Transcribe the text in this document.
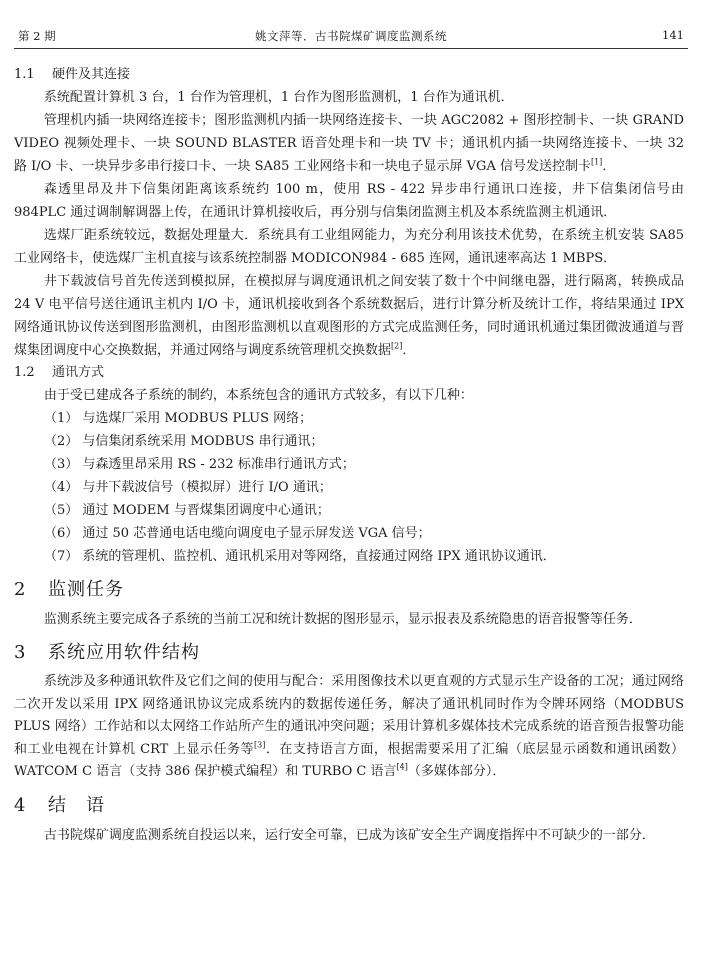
第 2 期	姚文萍等．古书院煤矿调度监测系统	141
1.1 硬件及其连接

系统配置计算机 3 台，1 台作为管理机，1 台作为图形监测机，1 台作为通讯机．

管理机内插一块网络连接卡；图形监测机内插一块网络连接卡、一块 AGC2082 + 图形控制卡、一块 GRAND VIDEO 视频处理卡、一块 SOUND BLASTER 语音处理卡和一块 TV 卡；通讯机内插一块网络连接卡、一块 32 路 I/O 卡、一块异步多串行接口卡、一块 SA85 工业网络卡和一块电子显示屏 VGA 信号发送控制卡[1]．

森透里昂及井下信集闭距离该系统约 100 m，使用 RS - 422 异步串行通讯口连接，井下信集闭信号由 984PLC 通过调制解调器上传，在通讯计算机接收后，再分别与信集闭监测主机及本系统监测主机通讯．

选煤厂距系统较远，数据处理量大．系统具有工业组网能力，为充分利用该技术优势，在系统主机安装 SA85 工业网络卡，使选煤厂主机直接与该系统控制器 MODICON984 - 685 连网，通讯速率高达 1 MBPS．

井下载波信号首先传送到模拟屏，在模拟屏与调度通讯机之间安装了数十个中间继电器，进行隔离，转换成品 24 V 电平信号送往通讯主机内 I/O 卡，通讯机接收到各个系统数据后，进行计算分析及统计工作，将结果通过 IPX 网络通讯协议传送到图形监测机，由图形监测机以直观图形的方式完成监测任务，同时通讯机通过集团微波通道与晋煤集团调度中心交换数据，并通过网络与调度系统管理机交换数据[2]．

1.2 通讯方式

由于受已建成各子系统的制约，本系统包含的通讯方式较多，有以下几种：

（1） 与选煤厂采用 MODBUS PLUS 网络；
（2） 与信集闭系统采用 MODBUS 串行通讯；
（3） 与森透里昂采用 RS - 232 标准串行通讯方式；
（4） 与井下载波信号（模拟屏）进行 I/O 通讯；
（5） 通过 MODEM 与晋煤集团调度中心通讯；
（6） 通过 50 芯普通电话电缆向调度电子显示屏发送 VGA 信号；
（7） 系统的管理机、监控机、通讯机采用对等网络，直接通过网络 IPX 通讯协议通讯．
2 监测任务

监测系统主要完成各子系统的当前工况和统计数据的图形显示，显示报表及系统隐患的语音报警等任务．

3 系统应用软件结构

系统涉及多种通讯软件及它们之间的使用与配合：采用图像技术以更直观的方式显示生产设备的工况；通过网络二次开发以采用 IPX 网络通讯协议完成系统内的数据传递任务，解决了通讯机同时作为令牌环网络（MODBUS PLUS 网络）工作站和以太网络工作站所产生的通讯冲突问题；采用计算机多媒体技术完成系统的语音预告报警功能和工业电视在计算机 CRT 上显示任务等[3]．在支持语言方面，根据需要采用了汇编（底层显示函数和通讯函数）WATCOM C 语言（支持 386 保护模式编程）和 TURBO C 语言[4]（多媒体部分）．

4 结　语

古书院煤矿调度监测系统自投运以来，运行安全可靠，已成为该矿安全生产调度指挥中不可缺少的一部分．
